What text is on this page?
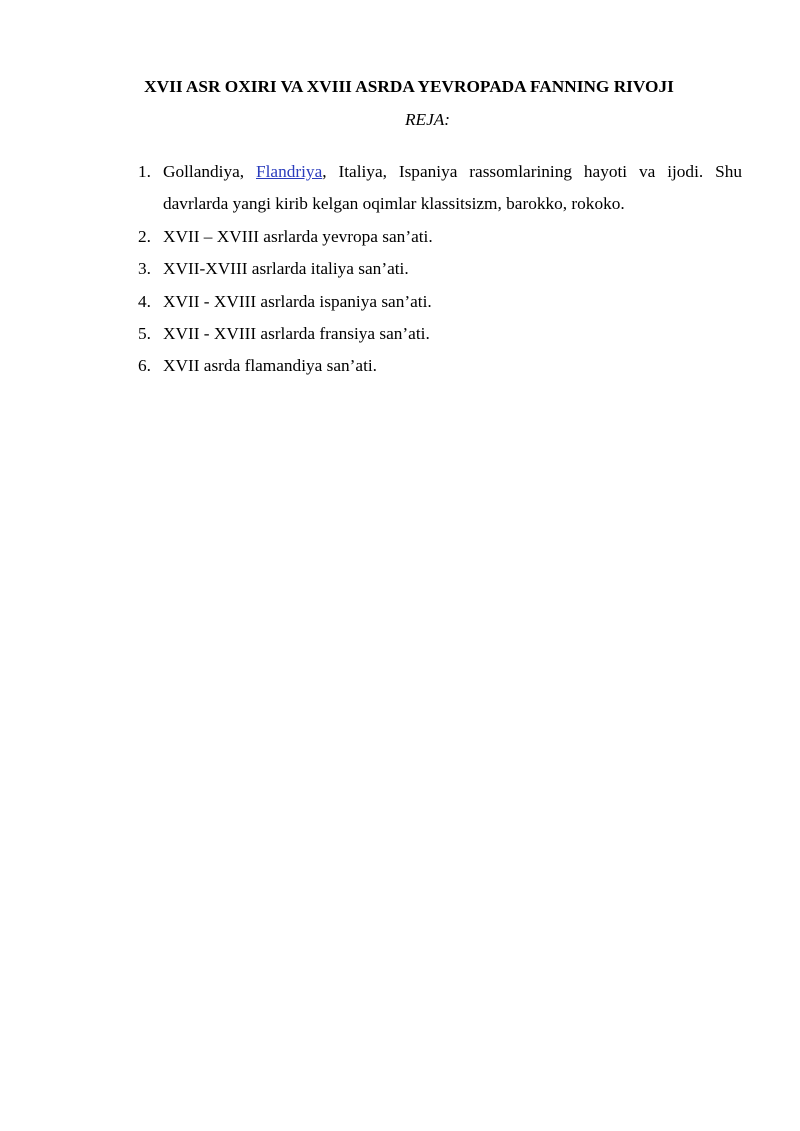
XVII ASR OXIRI VA XVIII ASRDA YEVROPADA FANNING RIVOJI
REJA:
1. Gollandiya, Flandriya, Italiya, Ispaniya rassomlarining hayoti va ijodi. Shu davrlarda yangi kirib kelgan oqimlar klassitsizm, barokko, rokoko.
2. XVII – XVIII asrlarda yevropa san’ati.
3. XVII-XVIII asrlarda italiya san’ati.
4. XVII - XVIII asrlarda ispaniya san’ati.
5. XVII - XVIII asrlarda fransiya san’ati.
6. XVII asrda flamandiya san’ati.
